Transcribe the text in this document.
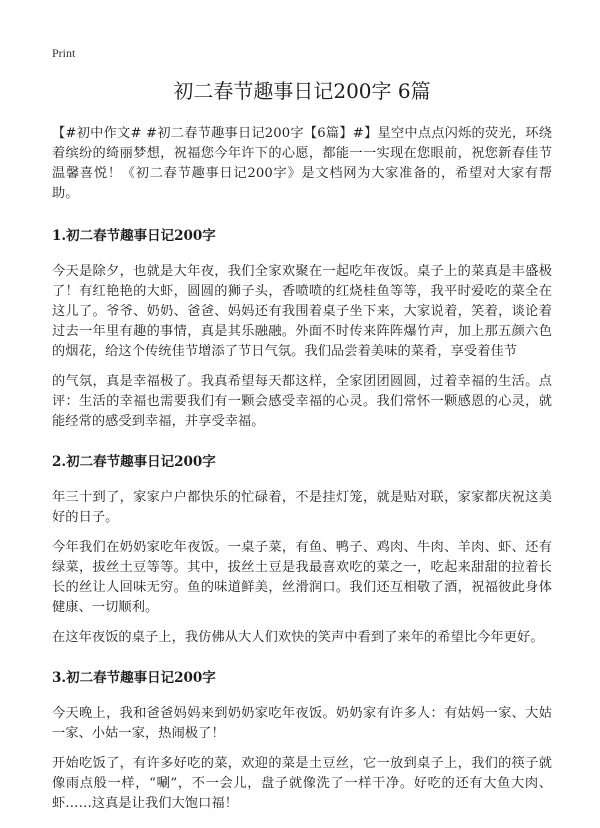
Print
初二春节趣事日记200字 6篇

【#初中作文# #初二春节趣事日记200字【6篇】#】星空中点点闪烁的荧光，环绕着缤纷的绮丽梦想，祝福您今年许下的心愿，都能一一实现在您眼前，祝您新春佳节温馨喜悦！《初二春节趣事日记200字》是文档网为大家准备的，希望对大家有帮助。

1.初二春节趣事日记200字

今天是除夕，也就是大年夜，我们全家欢聚在一起吃年夜饭。桌子上的菜真是丰盛极了！有红艳艳的大虾，圆圆的狮子头，香喷喷的红烧桂鱼等等，我平时爱吃的菜全在这儿了。爷爷、奶奶、爸爸、妈妈还有我围着桌子坐下来，大家说着，笑着，谈论着过去一年里有趣的事情，真是其乐融融。外面不时传来阵阵爆竹声，加上那五颜六色的烟花，给这个传统佳节增添了节日气氛。我们品尝着美味的菜肴，享受着佳节

的气氛，真是幸福极了。我真希望每天都这样，全家团团圆圆，过着幸福的生活。点评：生活的幸福也需要我们有一颗会感受幸福的心灵。我们常怀一颗感恩的心灵，就能经常的感受到幸福，并享受幸福。

2.初二春节趣事日记200字

年三十到了，家家户户都快乐的忙碌着，不是挂灯笼，就是贴对联，家家都庆祝这美好的日子。

今年我们在奶奶家吃年夜饭。一桌子菜，有鱼、鸭子、鸡肉、牛肉、羊肉、虾、还有绿菜，拔丝土豆等等。其中，拔丝土豆是我最喜欢吃的菜之一，吃起来甜甜的拉着长长的丝让人回味无穷。鱼的味道鲜美，丝滑润口。我们还互相敬了酒，祝福彼此身体健康、一切顺利。

在这年夜饭的桌子上，我仿佛从大人们欢快的笑声中看到了来年的希望比今年更好。

3.初二春节趣事日记200字

今天晚上，我和爸爸妈妈来到奶奶家吃年夜饭。奶奶家有许多人：有姑妈一家、大姑一家、小姑一家，热闹极了！

开始吃饭了，有许多好吃的菜，欢迎的菜是土豆丝，它一放到桌子上，我们的筷子就像雨点般一样，“唰”，不一会儿，盘子就像洗了一样干净。好吃的还有大鱼大肉、虾……这真是让我们大饱口福！
